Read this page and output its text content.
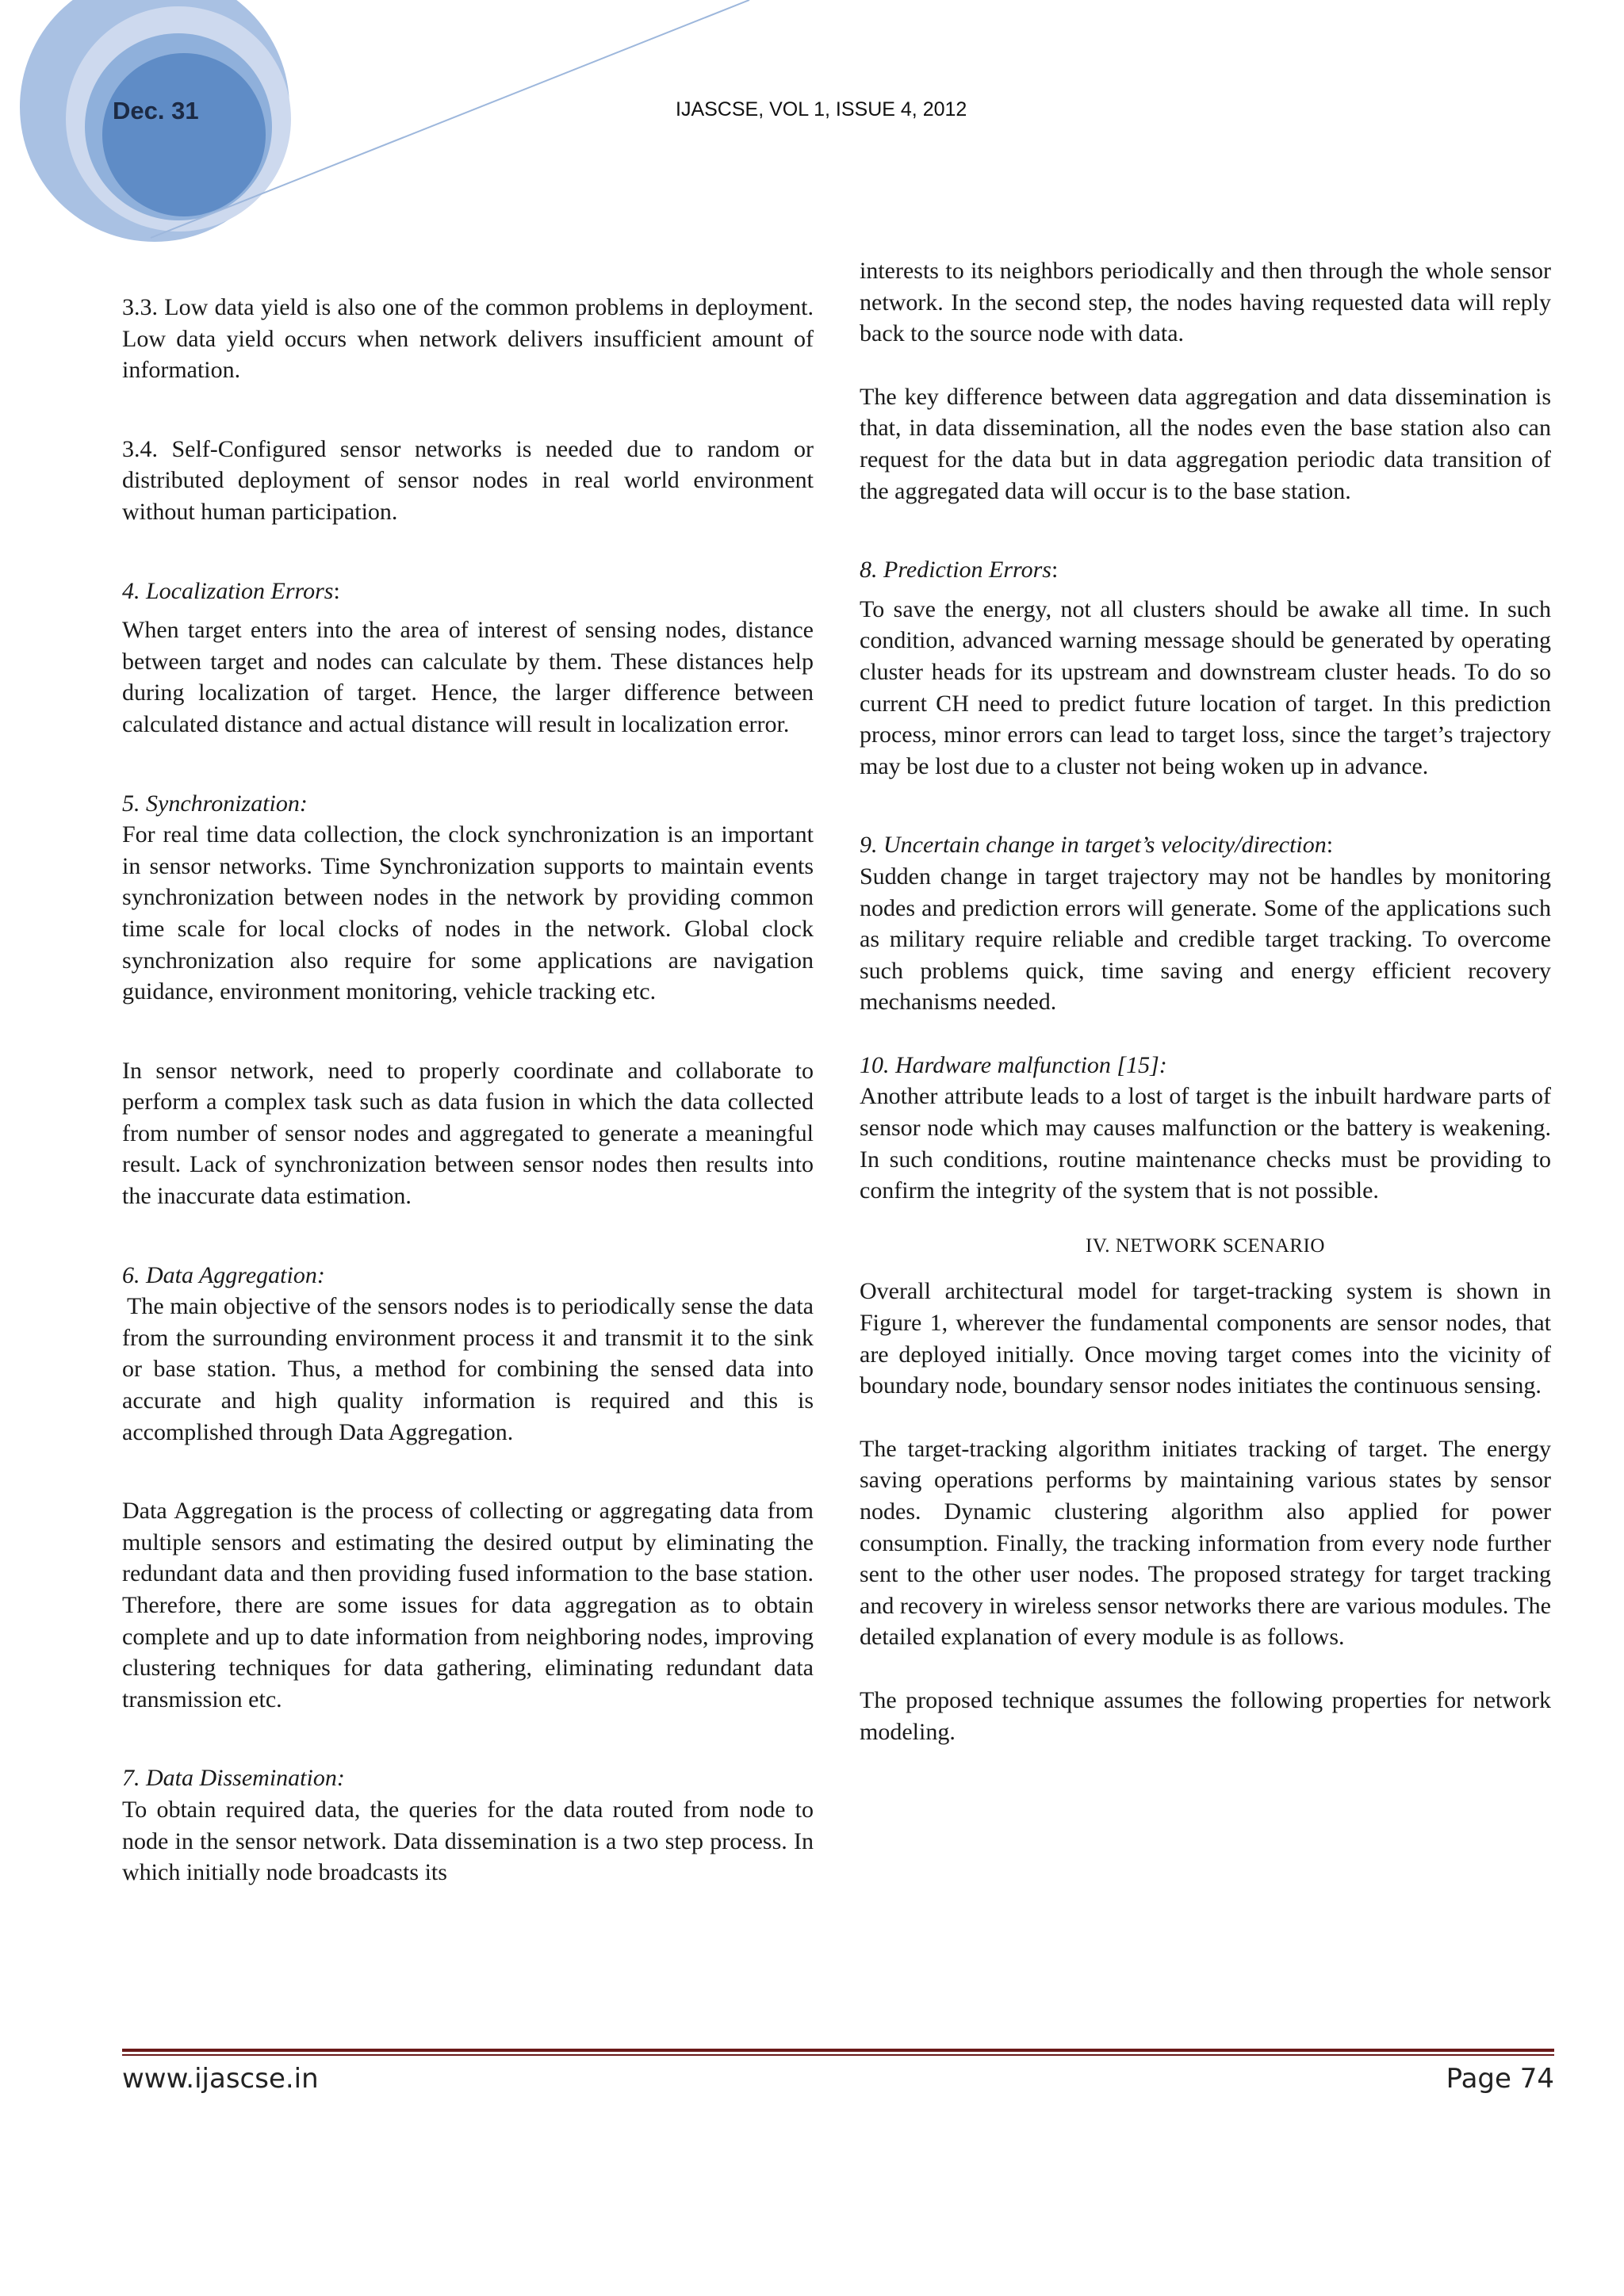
Dec. 31	IJASCSE, VOL 1, ISSUE 4, 2012

3.3. Low data yield is also one of the common problems in deployment. Low data yield occurs when network delivers insufficient amount of information.

3.4. Self-Configured sensor networks is needed due to random or distributed deployment of sensor nodes in real world environment without human participation.

4. Localization Errors:

When target enters into the area of interest of sensing nodes, distance between target and nodes can calculate by them. These distances help during localization of target. Hence, the larger difference between calculated distance and actual distance will result in localization error.

5. Synchronization:

For real time data collection, the clock synchronization is an important in sensor networks. Time Synchronization supports to maintain events synchronization between nodes in the network by providing common time scale for local clocks of nodes in the network. Global clock synchronization also require for some applications are navigation guidance, environment monitoring, vehicle tracking etc.

In sensor network, need to properly coordinate and collaborate to perform a complex task such as data fusion in which the data collected from number of sensor nodes and aggregated to generate a meaningful result. Lack of synchronization between sensor nodes then results into the inaccurate data estimation.

6. Data Aggregation:

The main objective of the sensors nodes is to periodically sense the data from the surrounding environment process it and transmit it to the sink or base station. Thus, a method for combining the sensed data into accurate and high quality information is required and this is accomplished through Data Aggregation.

Data Aggregation is the process of collecting or aggregating data from multiple sensors and estimating the desired output by eliminating the redundant data and then providing fused information to the base station. Therefore, there are some issues for data aggregation as to obtain complete and up to date information from neighboring nodes, improving clustering techniques for data gathering, eliminating redundant data transmission etc.

7. Data Dissemination:

To obtain required data, the queries for the data routed from node to node in the sensor network. Data dissemination is a two step process. In which initially node broadcasts its

interests to its neighbors periodically and then through the whole sensor network. In the second step, the nodes having requested data will reply back to the source node with data.

The key difference between data aggregation and data dissemination is that, in data dissemination, all the nodes even the base station also can request for the data but in data aggregation periodic data transition of the aggregated data will occur is to the base station.

8. Prediction Errors:

To save the energy, not all clusters should be awake all time. In such condition, advanced warning message should be generated by operating cluster heads for its upstream and downstream cluster heads. To do so current CH need to predict future location of target. In this prediction process, minor errors can lead to target loss, since the target’s trajectory may be lost due to a cluster not being woken up in advance.

9. Uncertain change in target’s velocity/direction:

Sudden change in target trajectory may not be handles by monitoring nodes and prediction errors will generate. Some of the applications such as military require reliable and credible target tracking. To overcome such problems quick, time saving and energy efficient recovery mechanisms needed.

10. Hardware malfunction [15]:

Another attribute leads to a lost of target is the inbuilt hardware parts of sensor node which may causes malfunction or the battery is weakening. In such conditions, routine maintenance checks must be providing to confirm the integrity of the system that is not possible.

IV. NETWORK SCENARIO

Overall architectural model for target-tracking system is shown in Figure 1, wherever the fundamental components are sensor nodes, that are deployed initially. Once moving target comes into the vicinity of boundary node, boundary sensor nodes initiates the continuous sensing.

The target-tracking algorithm initiates tracking of target. The energy saving operations performs by maintaining various states by sensor nodes. Dynamic clustering algorithm also applied for power consumption. Finally, the tracking information from every node further sent to the other user nodes. The proposed strategy for target tracking and recovery in wireless sensor networks there are various modules. The detailed explanation of every module is as follows.

The proposed technique assumes the following properties for network modeling.

www.ijascse.in	Page 74
